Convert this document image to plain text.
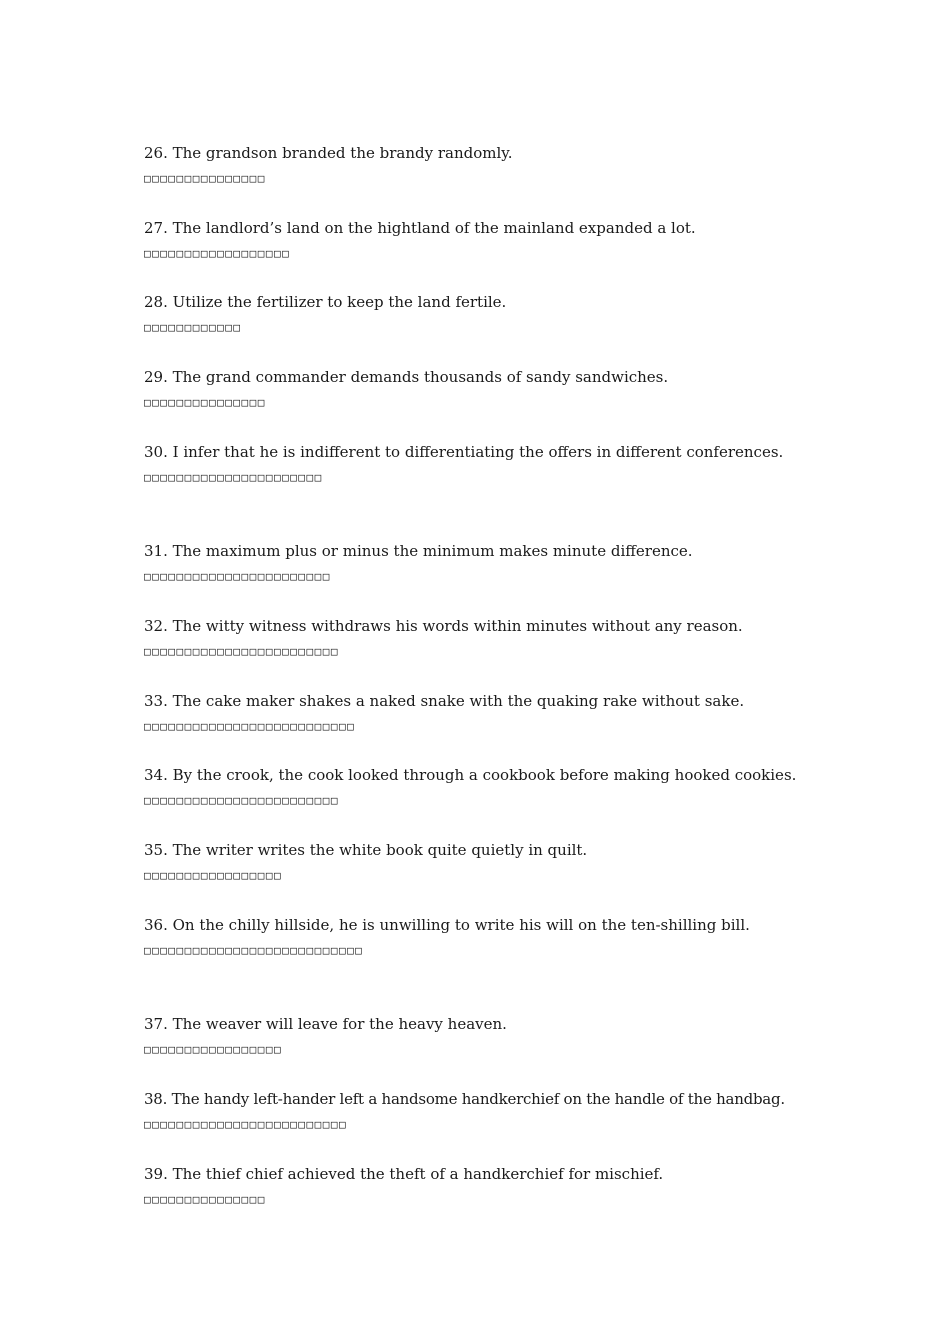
26. The grandson branded the brandy randomly.
□□□□□□□□□□□□□□□
27. The landlord’s land on the hightland of the mainland expanded a lot.
□□□□□□□□□□□□□□□□□□
28. Utilize the fertilizer to keep the land fertile.
□□□□□□□□□□□□
29. The grand commander demands thousands of sandy sandwiches.
□□□□□□□□□□□□□□□
30. I infer that he is indifferent to differentiating the offers in different conferences.
□□□□□□□□□□□□□□□□□□□□□□
31. The maximum plus or minus the minimum makes minute difference.
□□□□□□□□□□□□□□□□□□□□□□□
32. The witty witness withdraws his words within minutes without any reason.
□□□□□□□□□□□□□□□□□□□□□□□□
33. The cake maker shakes a naked snake with the quaking rake without sake.
□□□□□□□□□□□□□□□□□□□□□□□□□□
34. By the crook, the cook looked through a cookbook before making hooked cookies.
□□□□□□□□□□□□□□□□□□□□□□□□
35. The writer writes the white book quite quietly in quilt.
□□□□□□□□□□□□□□□□□
36. On the chilly hillside, he is unwilling to write his will on the ten-shilling bill.
□□□□□□□□□□□□□□□□□□□□□□□□□□□
37. The weaver will leave for the heavy heaven.
□□□□□□□□□□□□□□□□□
38. The handy left-hander left a handsome handkerchief on the handle of the handbag.
□□□□□□□□□□□□□□□□□□□□□□□□□
39. The thief chief achieved the theft of a handkerchief for mischief.
□□□□□□□□□□□□□□□
